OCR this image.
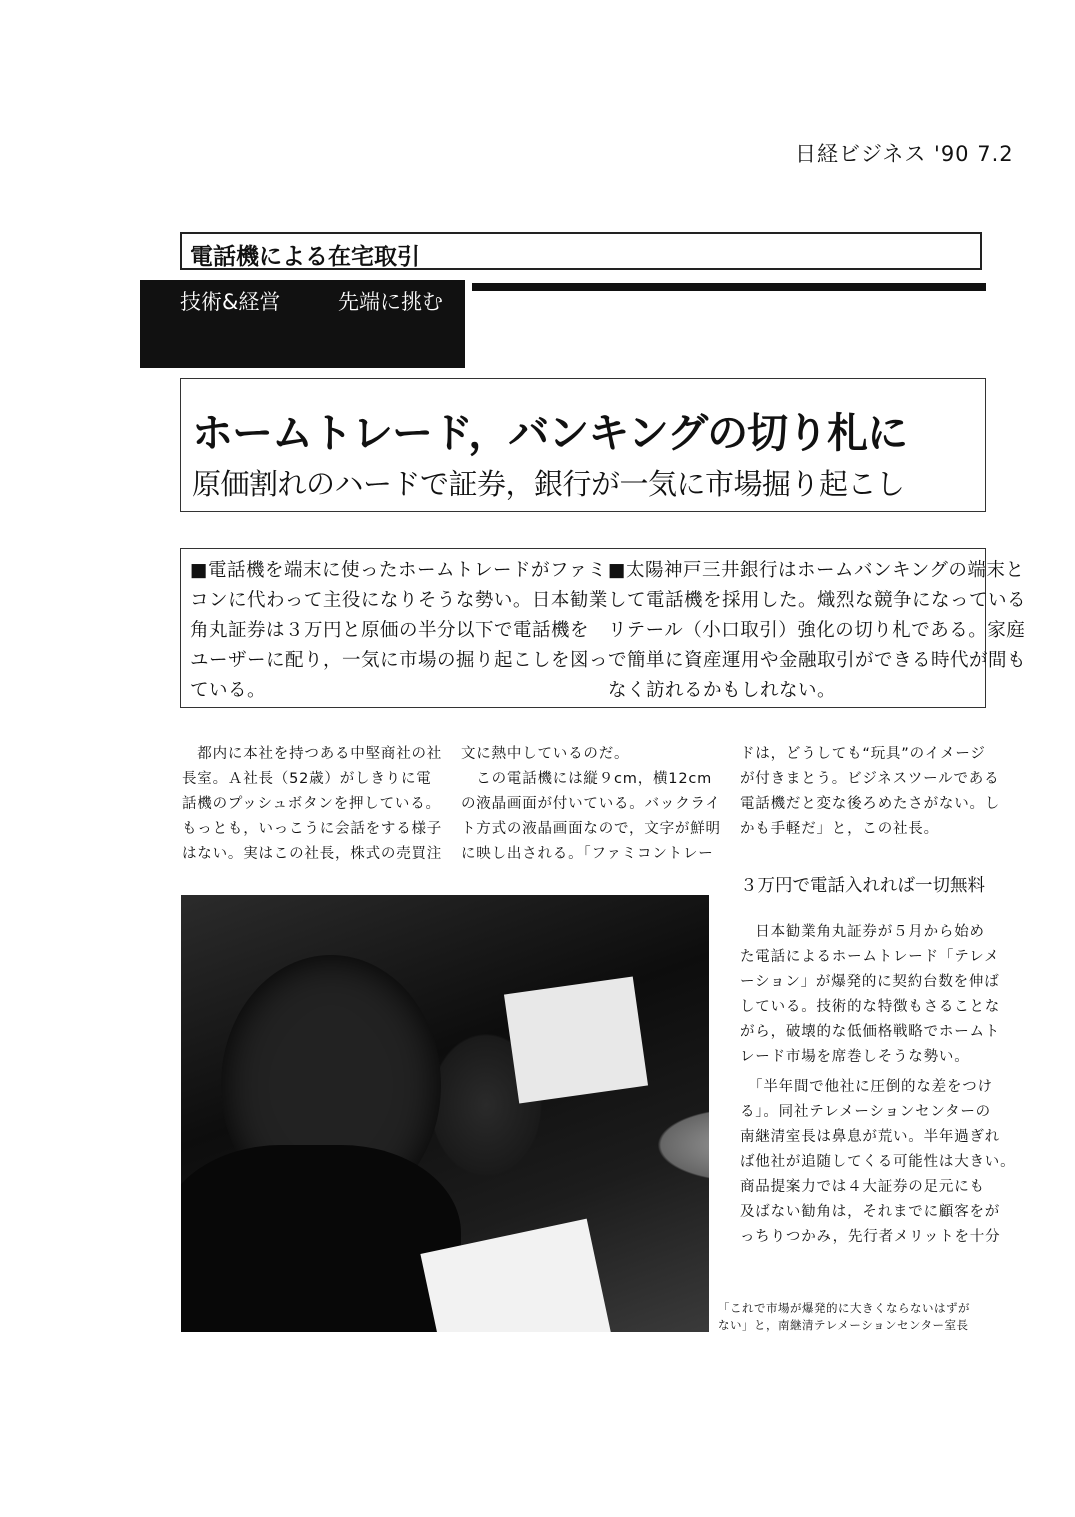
日経ビジネス '90 7.2
電話機による在宅取引
技術&経営	先端に挑む
ホームトレード，バンキングの切り札に
原価割れのハードで証券，銀行が一気に市場掘り起こし
■電話機を端末に使ったホームトレードがファミ
コンに代わって主役になりそうな勢い。日本勧業
角丸証券は３万円と原価の半分以下で電話機を
ユーザーに配り，一気に市場の掘り起こしを図っ
ている。
■太陽神戸三井銀行はホームバンキングの端末と
して電話機を採用した。熾烈な競争になっている
リテール（小口取引）強化の切り札である。家庭
で簡単に資産運用や金融取引ができる時代が間も
なく訪れるかもしれない。
　都内に本社を持つある中堅商社の社
長室。Ａ社長（52歳）がしきりに電
話機のプッシュボタンを押している。
もっとも，いっこうに会話をする様子
はない。実はこの社長，株式の売買注
文に熱中しているのだ。
　この電話機には縦９cm，横12cm
の液晶画面が付いている。バックライ
ト方式の液晶画面なので，文字が鮮明
に映し出される。「ファミコントレー
ドは，どうしても“玩具”のイメージ
が付きまとう。ビジネスツールである
電話機だと変な後ろめたさがない。し
かも手軽だ」と，この社長。
３万円で電話入れれば一切無料
　日本勧業角丸証券が５月から始め
た電話によるホームトレード「テレメ
ーション」が爆発的に契約台数を伸ば
している。技術的な特徴もさることな
がら，破壊的な低価格戦略でホームト
レード市場を席巻しそうな勢い。
　「半年間で他社に圧倒的な差をつけ
る」。同社テレメーションセンターの
南継清室長は鼻息が荒い。半年過ぎれ
ば他社が追随してくる可能性は大きい。
商品提案力では４大証券の足元にも
及ばない勧角は，それまでに顧客をが
っちりつかみ，先行者メリットを十分
「これで市場が爆発的に大きくならないはずが
ない」と，南継清テレメーションセンター室長
